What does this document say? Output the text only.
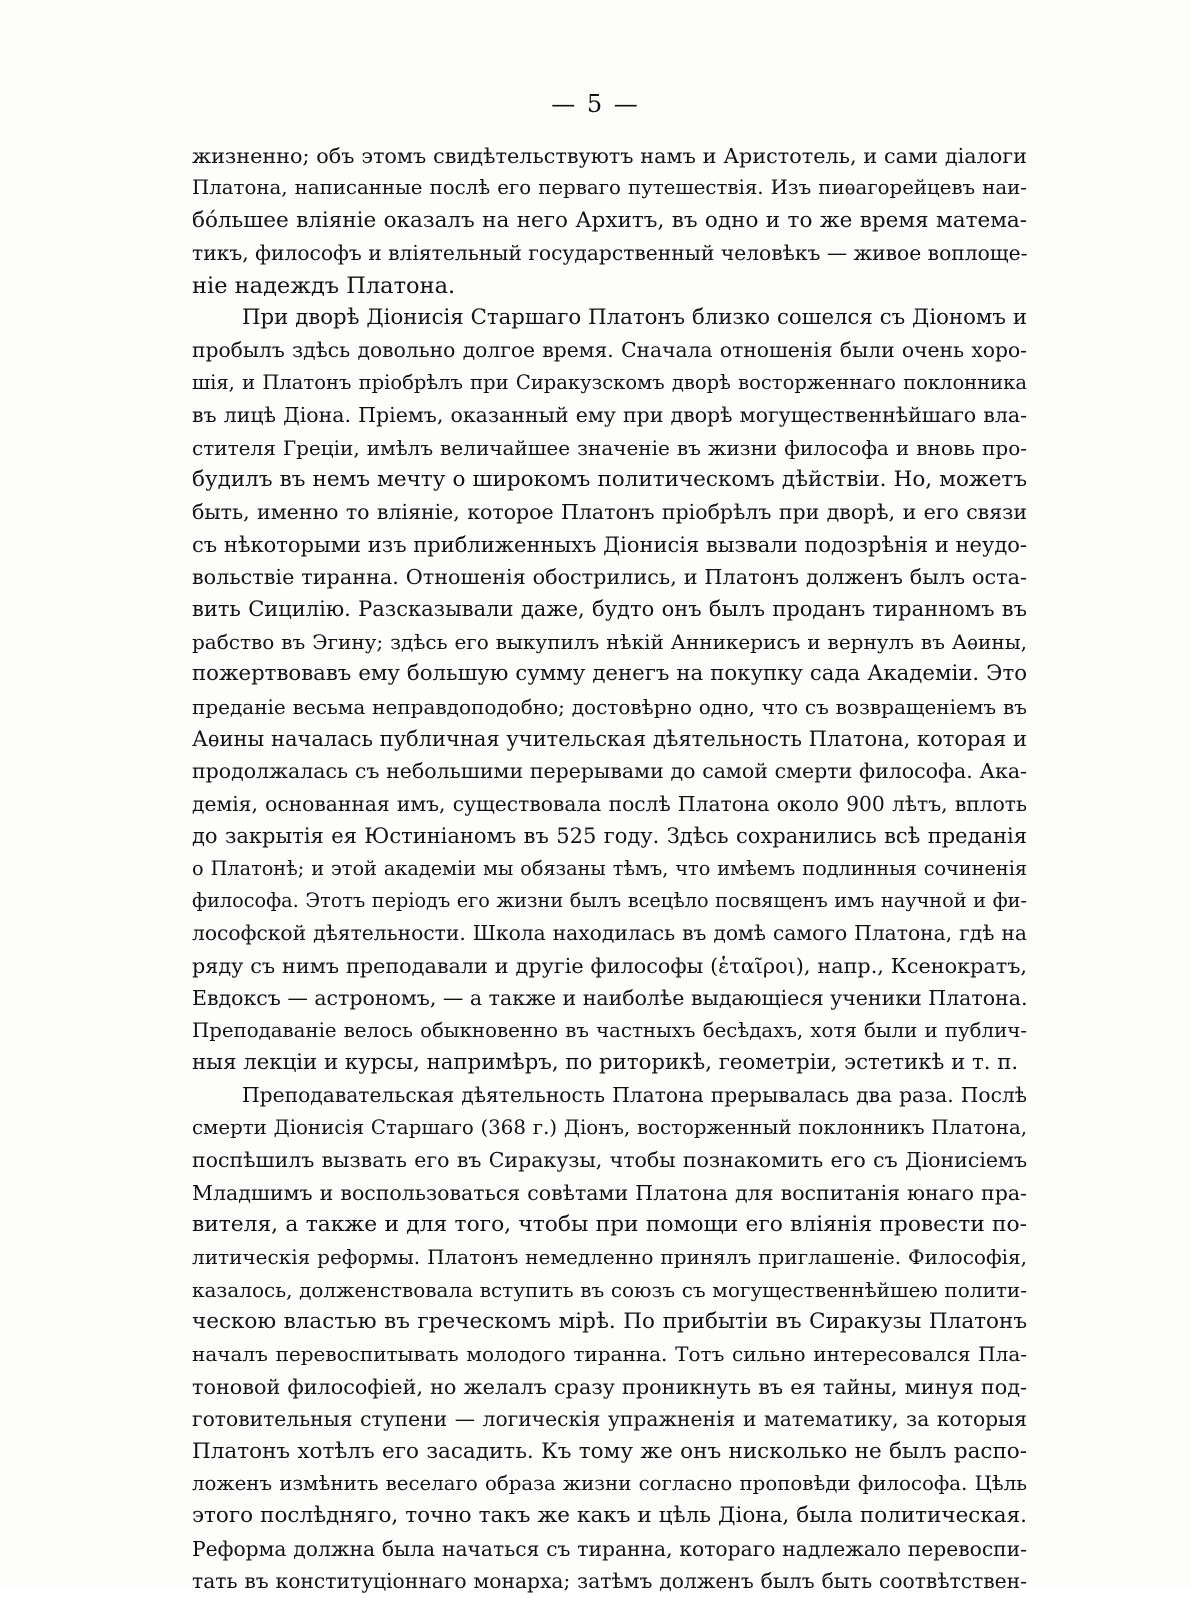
— 5 —
жизненно; объ этомъ свидѣтельствуютъ намъ и Аристотель, и сами діалоги
Платона, написанные послѣ его перваго путешествія. Изъ пиѳагорейцевъ наи-
бόльшее вліяніе оказалъ на него Архитъ, въ одно и то же время матема-
тикъ, философъ и вліятельный государственный человѣкъ — живое воплоще-
ніе надеждъ Платона.
При дворѣ Діонисія Старшаго Платонъ близко сошелся съ Діономъ и
пробылъ здѣсь довольно долгое время. Сначала отношенія были очень хоро-
шія, и Платонъ пріобрѣлъ при Сиракузскомъ дворѣ восторженнаго поклонника
въ лицѣ Діона. Пріемъ, оказанный ему при дворѣ могущественнѣйшаго вла-
стителя Греціи, имѣлъ величайшее значеніе въ жизни философа и вновь про-
будилъ въ немъ мечту о широкомъ политическомъ дѣйствіи. Но, можетъ
быть, именно то вліяніе, которое Платонъ пріобрѣлъ при дворѣ, и его связи
съ нѣкоторыми изъ приближенныхъ Діонисія вызвали подозрѣнія и неудо-
вольствіе тиранна. Отношенія обострились, и Платонъ долженъ былъ оста-
вить Сицилію. Разсказывали даже, будто онъ былъ проданъ тиранномъ въ
рабство въ Эгину; здѣсь его выкупилъ нѣкій Анникерисъ и вернулъ въ Аѳины,
пожертвовавъ ему большую сумму денегъ на покупку сада Академіи. Это
преданіе весьма неправдоподобно; достовѣрно одно, что съ возвращеніемъ въ
Аѳины началась публичная учительская дѣятельность Платона, которая и
продолжалась съ небольшими перерывами до самой смерти философа. Ака-
демія, основанная имъ, существовала послѣ Платона около 900 лѣтъ, вплоть
до закрытія ея Юстиніаномъ въ 525 году. Здѣсь сохранились всѣ преданія
о Платонѣ; и этой академіи мы обязаны тѣмъ, что имѣемъ подлинныя сочиненія
философа. Этотъ періодъ его жизни былъ всецѣло посвященъ имъ научной и фи-
лософской дѣятельности. Школа находилась въ домѣ самого Платона, гдѣ на
ряду съ нимъ преподавали и другіе философы (ἑταῖροι), напр., Ксенократъ,
Евдоксъ — астрономъ, — а также и наиболѣе выдающіеся ученики Платона.
Преподаваніе велось обыкновенно въ частныхъ бесѣдахъ, хотя были и публич-
ныя лекціи и курсы, напримѣръ, по риторикѣ, геометріи, эстетикѣ и т. п.
Преподавательская дѣятельность Платона прерывалась два раза. Послѣ
смерти Діонисія Старшаго (368 г.) Діонъ, восторженный поклонникъ Платона,
поспѣшилъ вызвать его въ Сиракузы, чтобы познакомить его съ Діонисіемъ
Младшимъ и воспользоваться совѣтами Платона для воспитанія юнаго пра-
вителя, а также и для того, чтобы при помощи его вліянія провести по-
литическія реформы. Платонъ немедленно принялъ приглашеніе. Философія,
казалось, долженствовала вступить въ союзъ съ могущественнѣйшею полити-
ческою властью въ греческомъ мірѣ. По прибытіи въ Сиракузы Платонъ
началъ перевоспитывать молодого тиранна. Тотъ сильно интересовался Пла-
тоновой философіей, но желалъ сразу проникнуть въ ея тайны, минуя под-
готовительныя ступени — логическія упражненія и математику, за которыя
Платонъ хотѣлъ его засадить. Къ тому же онъ нисколько не былъ распо-
ложенъ измѣнить веселаго образа жизни согласно проповѣди философа. Цѣль
этого послѣдняго, точно такъ же какъ и цѣль Діона, была политическая.
Реформа должна была начаться съ тиранна, котораго надлежало перевоспи-
тать въ конституціоннаго монарха; затѣмъ долженъ былъ быть соотвѣтствен-
